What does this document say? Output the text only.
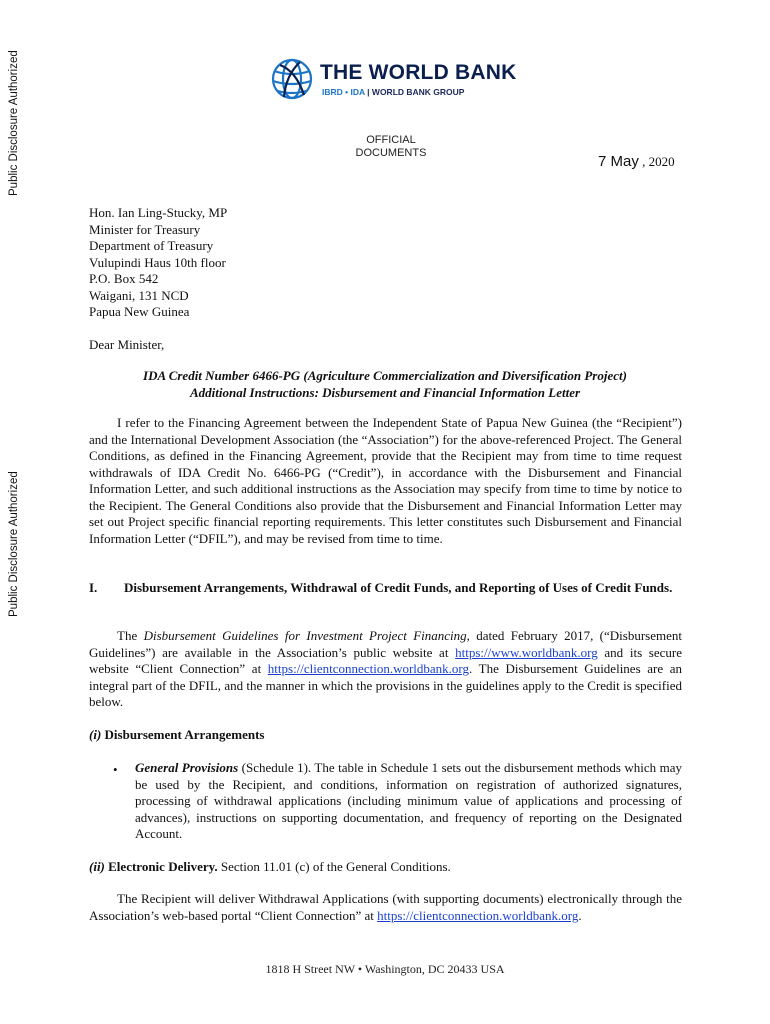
Public Disclosure Authorized
Public Disclosure Authorized
THE WORLD BANK
IBRD • IDA | WORLD BANK GROUP
OFFICIAL
DOCUMENTS	7 May , 2020
Hon. Ian Ling-Stucky, MP
Minister for Treasury
Department of Treasury
Vulupindi Haus 10th floor
P.O. Box 542
Waigani, 131 NCD
Papua New Guinea
Dear Minister,
IDA Credit Number 6466-PG (Agriculture Commercialization and Diversification Project)
Additional Instructions: Disbursement and Financial Information Letter
I refer to the Financing Agreement between the Independent State of Papua New Guinea (the “Recipient”) and the International Development Association (the “Association”) for the above-referenced Project. The General Conditions, as defined in the Financing Agreement, provide that the Recipient may from time to time request withdrawals of IDA Credit No. 6466-PG (“Credit”), in accordance with the Disbursement and Financial Information Letter, and such additional instructions as the Association may specify from time to time by notice to the Recipient. The General Conditions also provide that the Disbursement and Financial Information Letter may set out Project specific financial reporting requirements. This letter constitutes such Disbursement and Financial Information Letter (“DFIL”), and may be revised from time to time.
I. Disbursement Arrangements, Withdrawal of Credit Funds, and Reporting of Uses of Credit Funds.
The Disbursement Guidelines for Investment Project Financing, dated February 2017, (“Disbursement Guidelines”) are available in the Association’s public website at https://www.worldbank.org and its secure website “Client Connection” at https://clientconnection.worldbank.org. The Disbursement Guidelines are an integral part of the DFIL, and the manner in which the provisions in the guidelines apply to the Credit is specified below.
(i) Disbursement Arrangements
• General Provisions (Schedule 1). The table in Schedule 1 sets out the disbursement methods which may be used by the Recipient, and conditions, information on registration of authorized signatures, processing of withdrawal applications (including minimum value of applications and processing of advances), instructions on supporting documentation, and frequency of reporting on the Designated Account.
(ii) Electronic Delivery. Section 11.01 (c) of the General Conditions.
The Recipient will deliver Withdrawal Applications (with supporting documents) electronically through the Association’s web-based portal “Client Connection” at https://clientconnection.worldbank.org.
1818 H Street NW • Washington, DC 20433 USA
